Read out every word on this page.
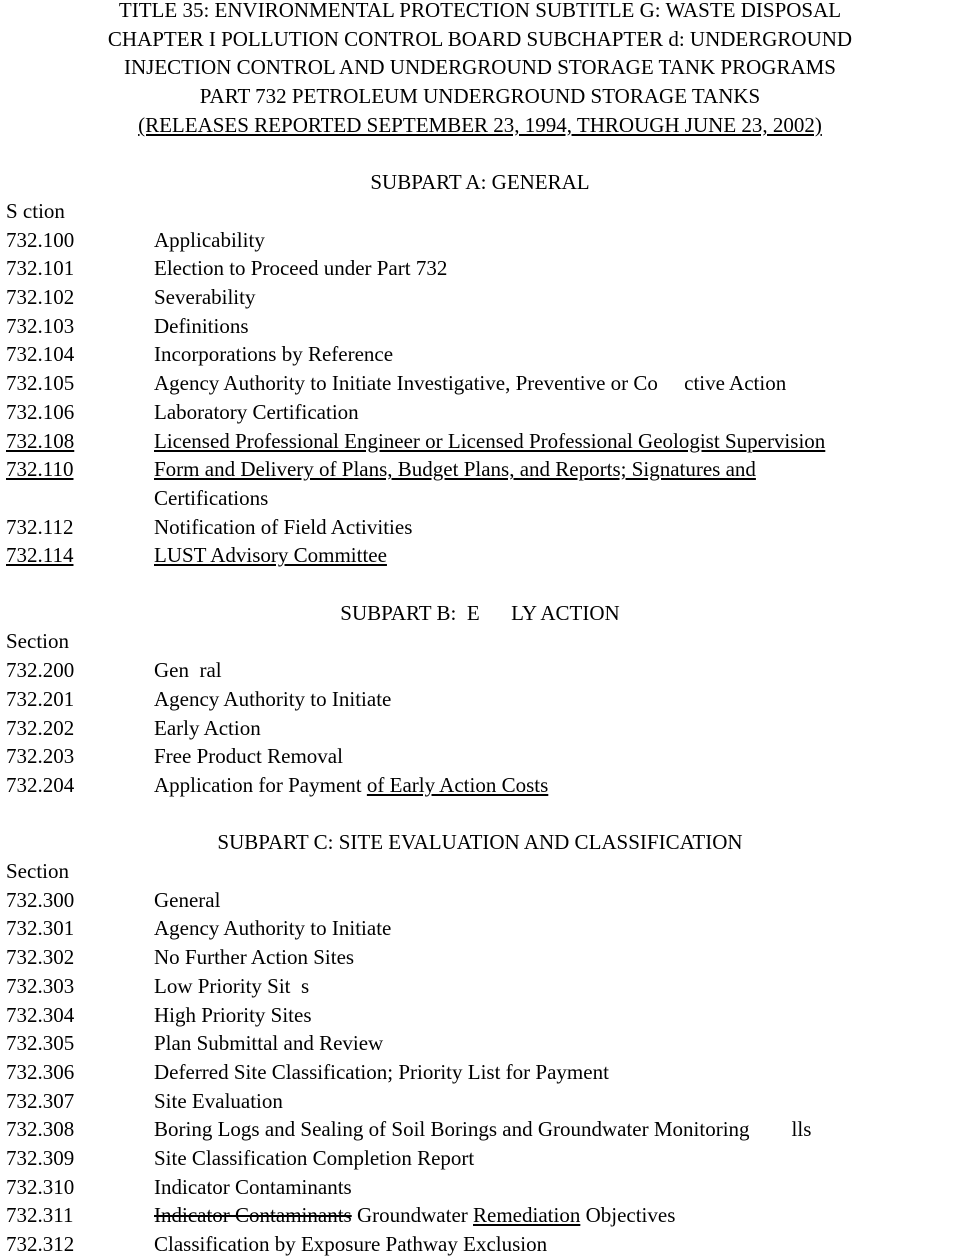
TITLE 35: ENVIRONMENTAL PROTECTION SUBTITLE G: WASTE DISPOSAL
CHAPTER I POLLUTION CONTROL BOARD SUBCHAPTER d: UNDERGROUND
INJECTION CONTROL AND UNDERGROUND STORAGE TANK PROGRAMS
PART 732 PETROLEUM UNDERGROUND STORAGE TANKS
(RELEASES REPORTED SEPTEMBER 23, 1994, THROUGH JUNE 23, 2002)
SUBPART A: GENERAL
S ction
732.100	Applicability
732.101	Election to Proceed under Part 732
732.102	Severability
732.103	Definitions
732.104	Incorporations by Reference
732.105	Agency Authority to Initiate Investigative, Preventive or Co     ctive Action
732.106	Laboratory Certification
732.108	Licensed Professional Engineer or Licensed Professional Geologist Supervision
732.110	Form and Delivery of Plans, Budget Plans, and Reports; Signatures and
Certifications
732.112	Notification of Field Activities
732.114	LUST Advisory Committee
SUBPART B:  E      LY ACTION
Section
732.200	Gen  ral
732.201	Agency Authority to Initiate
732.202	Early Action
732.203	Free Product Removal
732.204	Application for Payment of Early Action Costs
SUBPART C: SITE EVALUATION AND CLASSIFICATION
Section
732.300	General
732.301	Agency Authority to Initiate
732.302	No Further Action Sites
732.303	Low Priority Sit  s
732.304	High Priority Sites
732.305	Plan Submittal and Review
732.306	Deferred Site Classification; Priority List for Payment
732.307	Site Evaluation
732.308	Boring Logs and Sealing of Soil Borings and Groundwater Monitoring        lls
732.309	Site Classification Completion Report
732.310	Indicator Contaminants
732.311	Indicator Contaminants Groundwater Remediation Objectives
732.312	Classification by Exposure Pathway Exclusion
